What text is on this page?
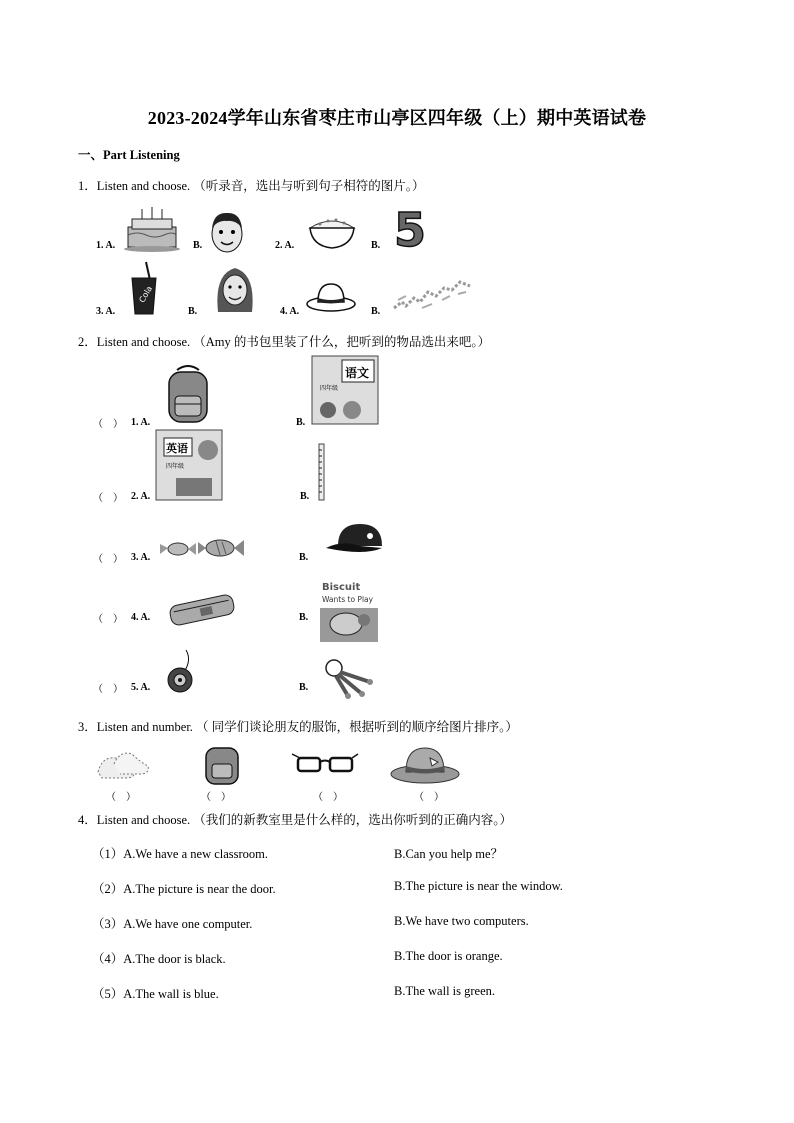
2023-2024学年山东省枣庄市山亭区四年级（上）期中英语试卷
一、Part Listening
1．Listen and choose. （听录音，选出与听到句子相符的图片。）
1. A.	B.	2. A.	B. 5
3. A.
Cola
B.	4. A.	B.
2．Listen and choose. （Amy 的书包里装了什么，把听到的物品选出来吧。）
（　） 1. A.	B.
语文
四年级
（　） 2. A.
英语
四年级
B.
（　） 3. A.	B.
（　） 4. A.	B.
Biscuit
Wants to Play
（　） 5. A.	B.
3．Listen and number. （ 同学们谈论朋友的服饰，根据听到的顺序给图片排序。）
（　）	（　）	（　）	（　）
4．Listen and choose. （我们的新教室里是什么样的，选出你听到的正确内容。）
（1）A.We have a new classroom.	B.Can you help me？
（2）A.The picture is near the door.	B.The picture is near the window.
（3）A.We have one computer.	B.We have two computers.
（4）A.The door is black.	B.The door is orange.
（5）A.The wall is blue.	B.The wall is green.
